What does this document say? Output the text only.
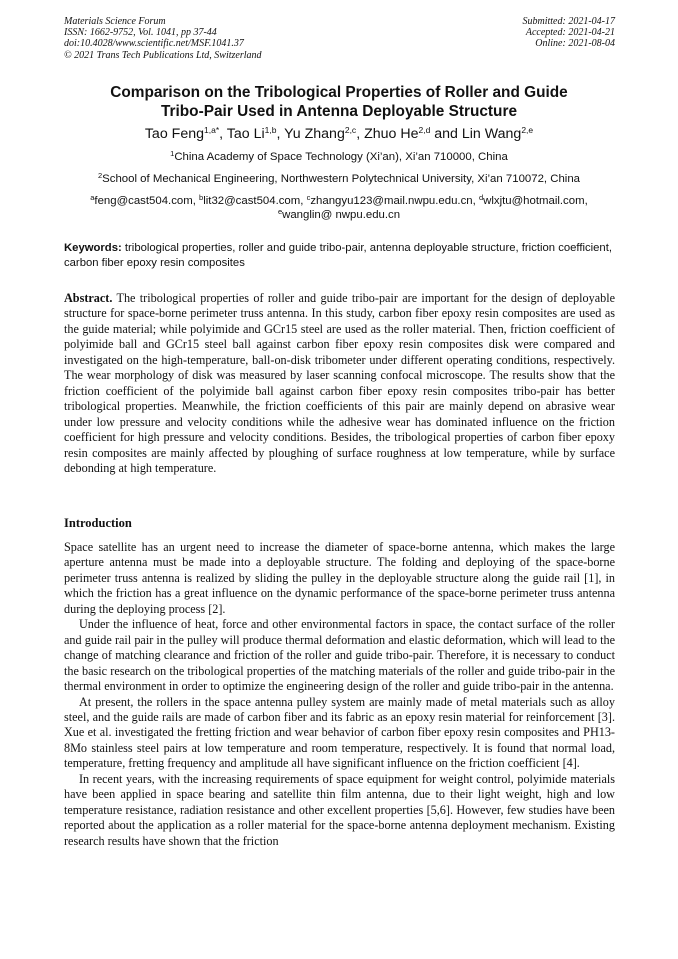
Materials Science Forum
ISSN: 1662-9752, Vol. 1041, pp 37-44
doi:10.4028/www.scientific.net/MSF.1041.37
© 2021 Trans Tech Publications Ltd, Switzerland
Submitted: 2021-04-17
Accepted: 2021-04-21
Online: 2021-08-04
Comparison on the Tribological Properties of Roller and Guide
Tribo-Pair Used in Antenna Deployable Structure
Tao Feng$^{1,a*}$, Tao Li$^{1,b}$, Yu Zhang$^{2,c}$, Zhuo He$^{2,d}$ and Lin Wang$^{2,e}$
$^1$China Academy of Space Technology (Xi’an), Xi’an 710000, China
$^2$School of Mechanical Engineering, Northwestern Polytechnical University, Xi’an 710072, China
$^a$feng@cast504.com, $^b$lit32@cast504.com, $^c$zhangyu123@mail.nwpu.edu.cn, $^d$wlxjtu@hotmail.com,
$^e$wanglin@ nwpu.edu.cn
Keywords: tribological properties, roller and guide tribo-pair, antenna deployable structure, friction coefficient, carbon fiber epoxy resin composites
Abstract. The tribological properties of roller and guide tribo-pair are important for the design of deployable structure for space-borne perimeter truss antenna. In this study, carbon fiber epoxy resin composites are used as the guide material; while polyimide and GCr15 steel are used as the roller material. Then, friction coefficient of polyimide ball and GCr15 steel ball against carbon fiber epoxy resin composites disk were compared and investigated on the high-temperature, ball-on-disk tribometer under different operating conditions, respectively. The wear morphology of disk was measured by laser scanning confocal microscope. The results show that the friction coefficient of the polyimide ball against carbon fiber epoxy resin composites tribo-pair has better tribological properties. Meanwhile, the friction coefficients of this pair are mainly depend on abrasive wear under low pressure and velocity conditions while the adhesive wear has dominated influence on the friction coefficient for high pressure and velocity conditions. Besides, the tribological properties of carbon fiber epoxy resin composites are mainly affected by ploughing of surface roughness at low temperature, while by surface debonding at high temperature.
Introduction

Space satellite has an urgent need to increase the diameter of space-borne antenna, which makes the large aperture antenna must be made into a deployable structure. The folding and deploying of the space-borne perimeter truss antenna is realized by sliding the pulley in the deployable structure along the guide rail [1], in which the friction has a great influence on the dynamic performance of the space-borne perimeter truss antenna during the deploying process [2].

Under the influence of heat, force and other environmental factors in space, the contact surface of the roller and guide rail pair in the pulley will produce thermal deformation and elastic deformation, which will lead to the change of matching clearance and friction of the roller and guide tribo-pair. Therefore, it is necessary to conduct the basic research on the tribological properties of the matching materials of the roller and guide tribo-pair in the thermal environment in order to optimize the engineering design of the roller and guide tribo-pair in the antenna.

At present, the rollers in the space antenna pulley system are mainly made of metal materials such as alloy steel, and the guide rails are made of carbon fiber and its fabric as an epoxy resin material for reinforcement [3]. Xue et al. investigated the fretting friction and wear behavior of carbon fiber epoxy resin composites and PH13-8Mo stainless steel pairs at low temperature and room temperature, respectively. It is found that normal load, temperature, fretting frequency and amplitude all have significant influence on the friction coefficient [4].

In recent years, with the increasing requirements of space equipment for weight control, polyimide materials have been applied in space bearing and satellite thin film antenna, due to their light weight, high and low temperature resistance, radiation resistance and other excellent properties [5,6]. However, few studies have been reported about the application as a roller material for the space-borne antenna deployment mechanism. Existing research results have shown that the friction
